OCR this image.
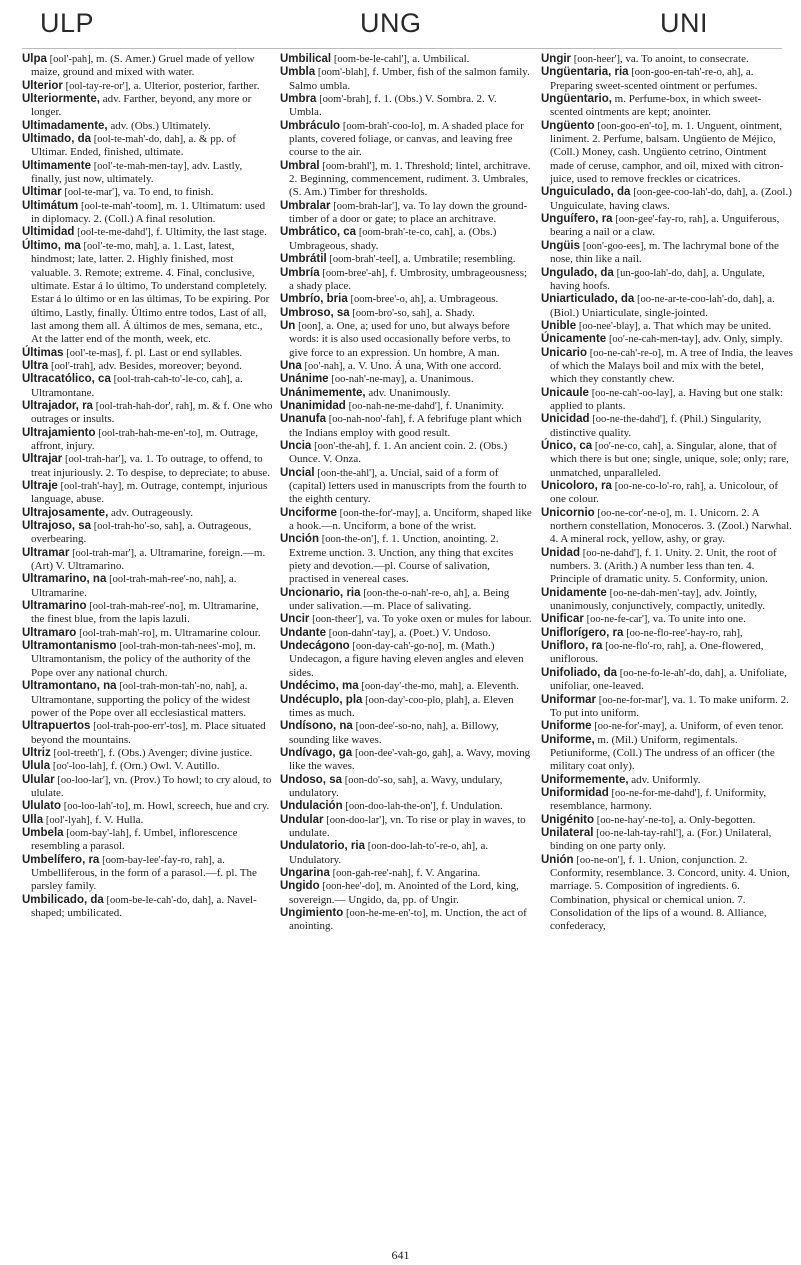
ULP	UNG	UNI

Ulpa [ool'-pah], m. (S. Amer.) Gruel made of yellow maize, ground and mixed with water.

Ulterior [ool-tay-re-or'], a. Ulterior, posterior, farther.

Ulteriormente, adv. Farther, beyond, any more or longer.

Ultimadamente, adv. (Obs.) Ultimately.

Ultimado, da [ool-te-mah'-do, dah], a. & pp. of Ultimar. Ended, finished, ultimate.

Ultimamente [ool'-te-mah-men-tay], adv. Lastly, finally, just now, ultimately.

Ultimar [ool-te-mar'], va. To end, to finish.

Ultimátum [ool-te-mah'-toom], m. 1. Ultimatum: used in diplomacy. 2. (Coll.) A final resolution.

Ultimidad [ool-te-me-dahd'], f. Ultimity, the last stage.

Último, ma [ool'-te-mo, mah], a. 1. Last, latest, hindmost; late, latter. 2. Highly finished, most valuable. 3. Remote; extreme. 4. Final, conclusive, ultimate. Estar á lo último, To understand completely. Estar á lo último or en las últimas, To be expiring. Por último, Lastly, finally. Último entre todos, Last of all, last among them all. Á últimos de mes, semana, etc., At the latter end of the month, week, etc.

Últimas [ool'-te-mas], f. pl. Last or end syllables.

Ultra [ool'-trah], adv. Besides, moreover; beyond.

Ultracatólico, ca [ool-trah-cah-to'-le-co, cah], a. Ultramontane.

Ultrajador, ra [ool-trah-hah-dor', rah], m. & f. One who outrages or insults.

Ultrajamiento [ool-trah-hah-me-en'-to], m. Outrage, affront, injury.

Ultrajar [ool-trah-har'], va. 1. To outrage, to offend, to treat injuriously. 2. To despise, to depreciate; to abuse.

Ultraje [ool-trah'-hay], m. Outrage, contempt, injurious language, abuse.

Ultrajosamente, adv. Outrageously.

Ultrajoso, sa [ool-trah-ho'-so, sah], a. Outrageous, overbearing.

Ultramar [ool-trah-mar'], a. Ultramarine, foreign.—m. (Art) V. Ultramarino.

Ultramarino, na [ool-trah-mah-ree'-no, nah], a. Ultramarine.

Ultramarino [ool-trah-mah-ree'-no], m. Ultramarine, the finest blue, from the lapis lazuli.

Ultramaro [ool-trah-mah'-ro], m. Ultramarine colour.

Ultramontanismo [ool-trah-mon-tah-nees'-mo], m. Ultramontanism, the policy of the authority of the Pope over any national church.

Ultramontano, na [ool-trah-mon-tah'-no, nah], a. Ultramontane, supporting the policy of the widest power of the Pope over all ecclesiastical matters.

Ultrapuertos [ool-trah-poo-err'-tos], m. Place situated beyond the mountains.

Ultriz [ool-treeth'], f. (Obs.) Avenger; divine justice.

Ulula [oo'-loo-lah], f. (Orn.) Owl. V. Autillo.

Ulular [oo-loo-lar'], vn. (Prov.) To howl; to cry aloud, to ululate.

Ululato [oo-loo-lah'-to], m. Howl, screech, hue and cry.

Ulla [ool'-lyah], f. V. Hulla.

Umbela [oom-bay'-lah], f. Umbel, inflorescence resembling a parasol.

Umbelífero, ra [oom-bay-lee'-fay-ro, rah], a. Umbelliferous, in the form of a parasol.—f. pl. The parsley family.

Umbilicado, da [oom-be-le-cah'-do, dah], a. Navel-shaped; umbilicated.

Umbilical [oom-be-le-cahl'], a. Umbilical.

Umbla [oom'-blah], f. Umber, fish of the salmon family. Salmo umbla.

Umbra [oom'-brah], f. 1. (Obs.) V. Sombra. 2. V. Umbla.

Umbráculo [oom-brah'-coo-lo], m. A shaded place for plants, covered foliage, or canvas, and leaving free course to the air.

Umbral [oom-brahl'], m. 1. Threshold; lintel, architrave. 2. Beginning, commencement, rudiment. 3. Umbrales, (S. Am.) Timber for thresholds.

Umbralar [oom-brah-lar'], va. To lay down the ground-timber of a door or gate; to place an architrave.

Umbrático, ca [oom-brah'-te-co, cah], a. (Obs.) Umbrageous, shady.

Umbrátil [oom-brah'-teel], a. Umbratile; resembling.

Umbría [oom-bree'-ah], f. Umbrosity, umbrageousness; a shady place.

Umbrío, bria [oom-bree'-o, ah], a. Umbrageous.

Umbroso, sa [oom-bro'-so, sah], a. Shady.

Un [oon], a. One, a; used for uno, but always before words: it is also used occasionally before verbs, to give force to an expression. Un hombre, A man.

Una [oo'-nah], a. V. Uno. Á una, With one accord.

Unánime [oo-nah'-ne-may], a. Unanimous.

Unánimemente, adv. Unanimously.

Unanimidad [oo-nah-ne-me-dahd'], f. Unanimity.

Unanufa [oo-nah-noo'-fah], f. A febrifuge plant which the Indians employ with good result.

Uncia [oon'-the-ah], f. 1. An ancient coin. 2. (Obs.) Ounce. V. Onza.

Uncial [oon-the-ahl'], a. Uncial, said of a form of (capital) letters used in manuscripts from the fourth to the eighth century.

Unciforme [oon-the-for'-may], a. Unciform, shaped like a hook.—n. Unciform, a bone of the wrist.

Unción [oon-the-on'], f. 1. Unction, anointing. 2. Extreme unction. 3. Unction, any thing that excites piety and devotion.—pl. Course of salivation, practised in venereal cases.

Uncionario, ria [oon-the-o-nah'-re-o, ah], a. Being under salivation.—m. Place of salivating.

Uncir [oon-theer'], va. To yoke oxen or mules for labour.

Undante [oon-dahn'-tay], a. (Poet.) V. Undoso.

Undecágono [oon-day-cah'-go-no], m. (Math.) Undecagon, a figure having eleven angles and eleven sides.

Undécimo, ma [oon-day'-the-mo, mah], a. Eleventh.

Undécuplo, pla [oon-day'-coo-plo, plah], a. Eleven times as much.

Undísono, na [oon-dee'-so-no, nah], a. Billowy, sounding like waves.

Undívago, ga [oon-dee'-vah-go, gah], a. Wavy, moving like the waves.

Undoso, sa [oon-do'-so, sah], a. Wavy, undulary, undulatory.

Undulación [oon-doo-lah-the-on'], f. Undulation.

Undular [oon-doo-lar'], vn. To rise or play in waves, to undulate.

Undulatorio, ria [oon-doo-lah-to'-re-o, ah], a. Undulatory.

Ungarina [oon-gah-ree'-nah], f. V. Angarina.

Ungido [oon-hee'-do], m. Anointed of the Lord, king, sovereign.— Ungido, da, pp. of Ungir.

Ungimiento [oon-he-me-en'-to], m. Unction, the act of anointing.

Ungir [oon-heer'], va. To anoint, to consecrate.

Ungüentaria, ria [oon-goo-en-tah'-re-o, ah], a. Preparing sweet-scented ointment or perfumes.

Ungüentario, m. Perfume-box, in which sweet-scented ointments are kept; anointer.

Ungüento [oon-goo-en'-to], m. 1. Unguent, ointment, liniment. 2. Perfume, balsam. Ungüento de Méjico, (Coll.) Money, cash. Ungüento cetrino, Ointment made of ceruse, camphor, and oil, mixed with citron-juice, used to remove freckles or cicatrices.

Unguiculado, da [oon-gee-coo-lah'-do, dah], a. (Zool.) Unguiculate, having claws.

Unguífero, ra [oon-gee'-fay-ro, rah], a. Unguiferous, bearing a nail or a claw.

Ungüis [oon'-goo-ees], m. The lachrymal bone of the nose, thin like a nail.

Ungulado, da [un-goo-lah'-do, dah], a. Ungulate, having hoofs.

Uniarticulado, da [oo-ne-ar-te-coo-lah'-do, dah], a. (Biol.) Uniarticulate, single-jointed.

Unible [oo-nee'-blay], a. That which may be united.

Únicamente [oo'-ne-cah-men-tay], adv. Only, simply.

Unicario [oo-ne-cah'-re-o], m. A tree of India, the leaves of which the Malays boil and mix with the betel, which they constantly chew.

Unicaule [oo-ne-cah'-oo-lay], a. Having but one stalk: applied to plants.

Unicidad [oo-ne-the-dahd'], f. (Phil.) Singularity, distinctive quality.

Único, ca [oo'-ne-co, cah], a. Singular, alone, that of which there is but one; single, unique, sole; only; rare, unmatched, unparalleled.

Unicoloro, ra [oo-ne-co-lo'-ro, rah], a. Unicolour, of one colour.

Unicornio [oo-ne-cor'-ne-o], m. 1. Unicorn. 2. A northern constellation, Monoceros. 3. (Zool.) Narwhal. 4. A mineral rock, yellow, ashy, or gray.

Unidad [oo-ne-dahd'], f. 1. Unity. 2. Unit, the root of numbers. 3. (Arith.) A number less than ten. 4. Principle of dramatic unity. 5. Conformity, union.

Unidamente [oo-ne-dah-men'-tay], adv. Jointly, unanimously, conjunctively, compactly, unitedly.

Unificar [oo-ne-fe-car'], va. To unite into one.

Uniflorígero, ra [oo-ne-flo-ree'-hay-ro, rah],

Unifloro, ra [oo-ne-flo'-ro, rah], a. One-flowered, uniflorous.

Unifoliado, da [oo-ne-fo-le-ah'-do, dah], a. Unifoliate, unifoliar, one-leaved.

Uniformar [oo-ne-for-mar'], va. 1. To make uniform. 2. To put into uniform.

Uniforme [oo-ne-for'-may], a. Uniform, of even tenor.

Uniforme, m. (Mil.) Uniform, regimentals. Petiuniforme, (Coll.) The undress of an officer (the military coat only).

Uniformemente, adv. Uniformly.

Uniformidad [oo-ne-for-me-dahd'], f. Uniformity, resemblance, harmony.

Unigénito [oo-ne-hay'-ne-to], a. Only-begotten.

Unilateral [oo-ne-lah-tay-rahl'], a. (For.) Unilateral, binding on one party only.

Unión [oo-ne-on'], f. 1. Union, conjunction. 2. Conformity, resemblance. 3. Concord, unity. 4. Union, marriage. 5. Composition of ingredients. 6. Combination, physical or chemical union. 7. Consolidation of the lips of a wound. 8. Alliance, confederacy,

641
